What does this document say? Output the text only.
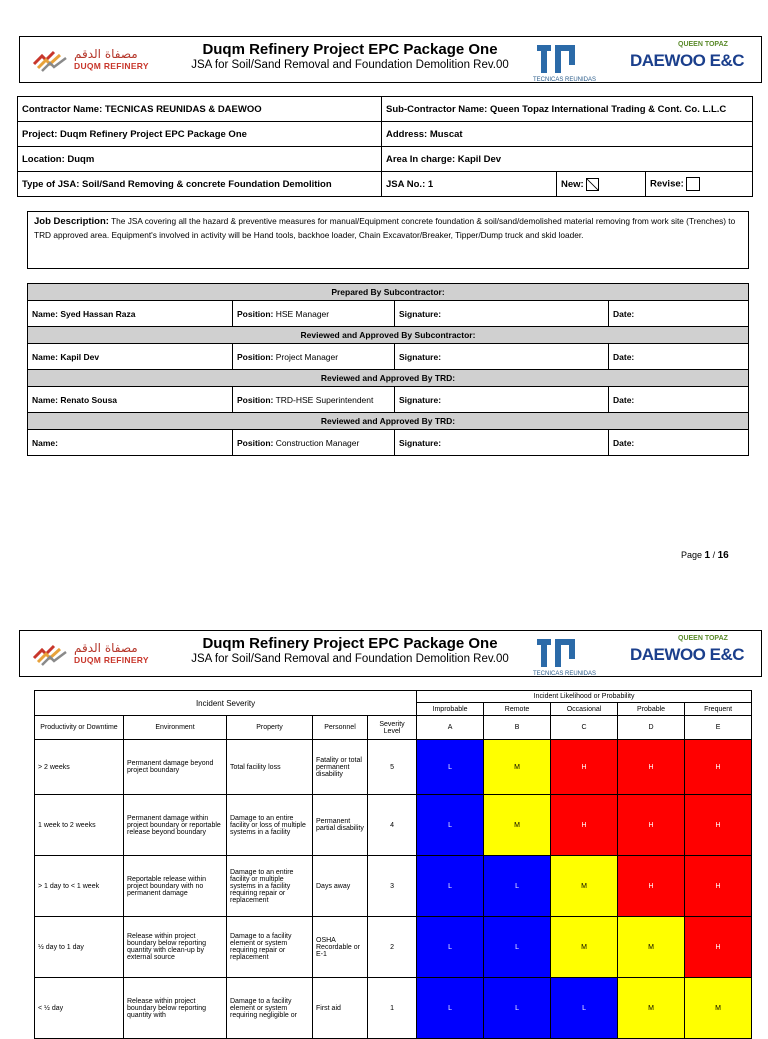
مصفاة الدقم
DUQM REFINERY
Duqm Refinery Project EPC Package One
JSA for Soil/Sand Removal and Foundation Demolition Rev.00
TECNICAS REUNIDAS
QUEEN TOPAZ
DAEWOO E&C
Contractor Name: TECNICAS REUNIDAS & DAEWOO	Sub-Contractor Name: Queen Topaz International Trading & Cont. Co. L.L.C		
Project: Duqm Refinery Project EPC Package One	Address: Muscat		
Location: Duqm	Area In charge: Kapil Dev		
Type of JSA: Soil/Sand Removing & concrete Foundation Demolition	JSA No.: 1	New:	Revise:
Job Description: The JSA covering all the hazard & preventive measures for manual/Equipment concrete foundation & soil/sand/demolished material removing from work site (Trenches) to TRD approved area. Equipment's involved in activity will be Hand tools, backhoe loader, Chain Excavator/Breaker, Tipper/Dump truck and skid loader.
Prepared By Subcontractor:			
Name: Syed Hassan Raza	Position: HSE Manager	Signature:	Date:
Reviewed and Approved By Subcontractor:			
Name: Kapil Dev	Position: Project Manager	Signature:	Date:
Reviewed and Approved By TRD:			
Name: Renato Sousa	Position: TRD-HSE Superintendent	Signature:	Date:
Reviewed and Approved By TRD:			
Name:	Position: Construction Manager	Signature:	Date:
Page 1 / 16
مصفاة الدقم
DUQM REFINERY
Duqm Refinery Project EPC Package One
JSA for Soil/Sand Removal and Foundation Demolition Rev.00
TECNICAS REUNIDAS
QUEEN TOPAZ
DAEWOO E&C
Incident Severity					Incident Likelihood or Probability				
					Improbable	Remote	Occasional	Probable	Frequent
Productivity or Downtime	Environment	Property	Personnel	Severity Level	A	B	C	D	E
> 2 weeks	Permanent damage beyond project boundary	Total facility loss	Fatality or total permanent disability	5	L	M	H	H	H
1 week to 2 weeks	Permanent damage within project boundary or reportable release beyond boundary	Damage to an entire facility or loss of multiple systems in a facility	Permanent partial disability	4	L	M	H	H	H
> 1 day to < 1 week	Reportable release within project boundary with no permanent damage	Damage to an entire facility or multiple systems in a facility requiring repair or replacement	Days away	3	L	L	M	H	H
½ day to 1 day	Release within project boundary below reporting quantity with clean-up by external source	Damage to a facility element or system requiring repair or replacement	OSHA Recordable or E-1	2	L	L	M	M	H
< ½ day	Release within project boundary below reporting quantity with	Damage to a facility element or system requiring negligible or	First aid	1	L	L	L	M	M
